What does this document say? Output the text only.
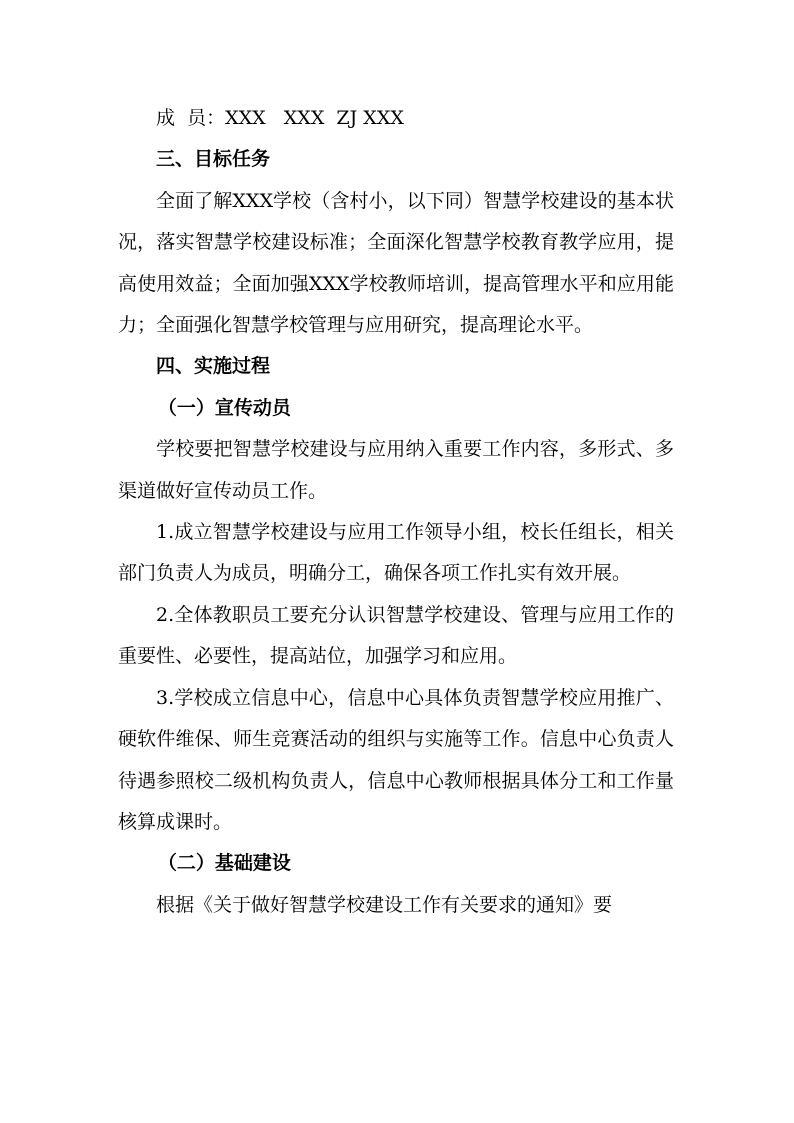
成  员：XXX   XXX  ZJ XXX

三、目标任务

全面了解XXX学校（含村小，以下同）智慧学校建设的基本状况，落实智慧学校建设标准；全面深化智慧学校教育教学应用，提高使用效益；全面加强XXX学校教师培训，提高管理水平和应用能力；全面强化智慧学校管理与应用研究，提高理论水平。

四、实施过程

（一）宣传动员

学校要把智慧学校建设与应用纳入重要工作内容，多形式、多渠道做好宣传动员工作。

1.成立智慧学校建设与应用工作领导小组，校长任组长，相关部门负责人为成员，明确分工，确保各项工作扎实有效开展。

2.全体教职员工要充分认识智慧学校建设、管理与应用工作的重要性、必要性，提高站位，加强学习和应用。

3.学校成立信息中心，信息中心具体负责智慧学校应用推广、硬软件维保、师生竞赛活动的组织与实施等工作。信息中心负责人待遇参照校二级机构负责人，信息中心教师根据具体分工和工作量核算成课时。

（二）基础建设

根据《关于做好智慧学校建设工作有关要求的通知》要
